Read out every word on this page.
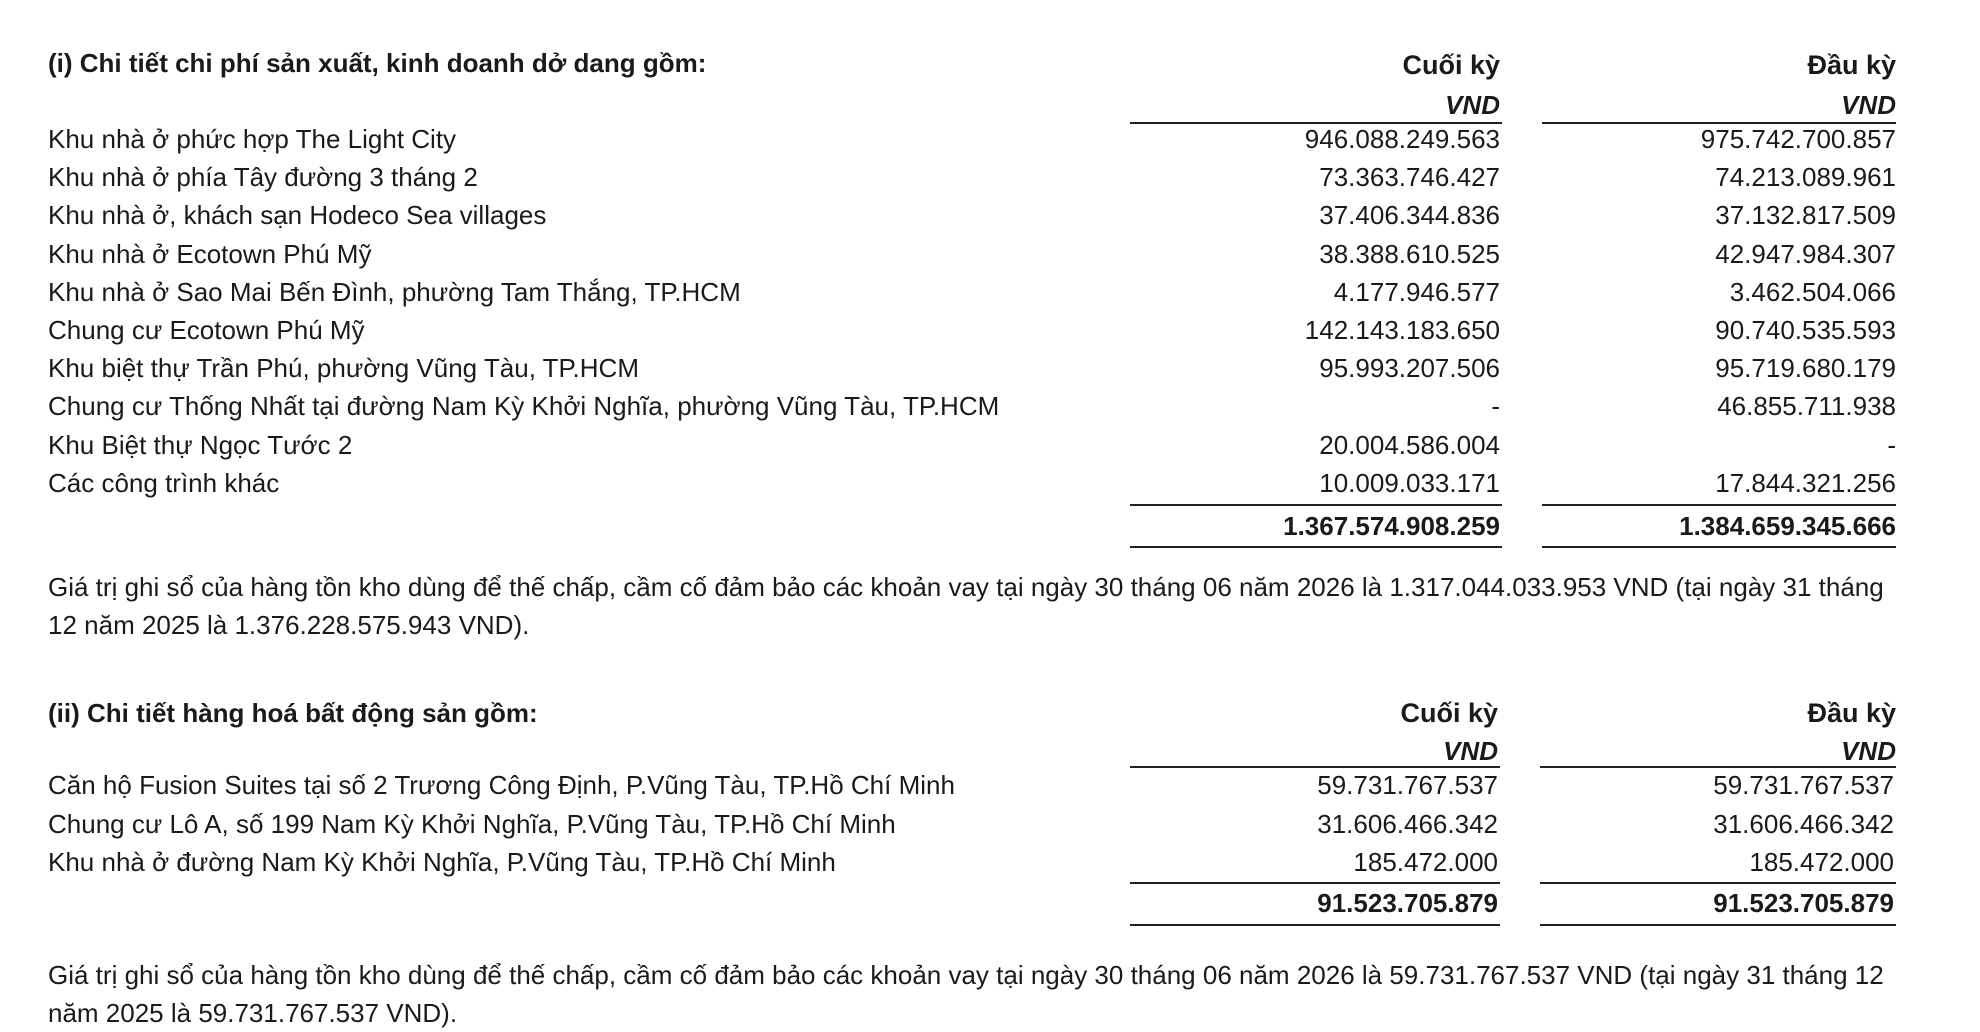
(i) Chi tiết chi phí sản xuất, kinh doanh dở dang gồm:	Cuối kỳ	Đầu kỳ
VND	VND
Khu nhà ở phức hợp The Light City	946.088.249.563	975.742.700.857
Khu nhà ở phía Tây đường 3 tháng 2	73.363.746.427	74.213.089.961
Khu nhà ở, khách sạn Hodeco Sea villages	37.406.344.836	37.132.817.509
Khu nhà ở Ecotown Phú Mỹ	38.388.610.525	42.947.984.307
Khu nhà ở Sao Mai Bến Đình, phường Tam Thắng, TP.HCM	4.177.946.577	3.462.504.066
Chung cư Ecotown Phú Mỹ	142.143.183.650	90.740.535.593
Khu biệt thự Trần Phú, phường Vũng Tàu, TP.HCM	95.993.207.506	95.719.680.179
Chung cư Thống Nhất tại đường Nam Kỳ Khởi Nghĩa, phường Vũng Tàu, TP.HCM	-	46.855.711.938
Khu Biệt thự Ngọc Tước 2	20.004.586.004	-
Các công trình khác	10.009.033.171	17.844.321.256
1.367.574.908.259	1.384.659.345.666
Giá trị ghi sổ của hàng tồn kho dùng để thế chấp, cầm cố đảm bảo các khoản vay tại ngày 30 tháng 06 năm 2026 là 1.317.044.033.953 VND (tại ngày 31 tháng 12 năm 2025 là 1.376.228.575.943 VND).
(ii) Chi tiết hàng hoá bất động sản gồm:	Cuối kỳ	Đầu kỳ
VND	VND
Căn hộ Fusion Suites tại số 2 Trương Công Định, P.Vũng Tàu, TP.Hồ Chí Minh	59.731.767.537	59.731.767.537
Chung cư Lô A, số 199 Nam Kỳ Khởi Nghĩa, P.Vũng Tàu, TP.Hồ Chí Minh	31.606.466.342	31.606.466.342
Khu nhà ở đường Nam Kỳ Khởi Nghĩa, P.Vũng Tàu, TP.Hồ Chí Minh	185.472.000	185.472.000
91.523.705.879	91.523.705.879
Giá trị ghi sổ của hàng tồn kho dùng để thế chấp, cầm cố đảm bảo các khoản vay tại ngày 30 tháng 06 năm 2026 là 59.731.767.537 VND (tại ngày 31 tháng 12 năm 2025 là 59.731.767.537 VND).
